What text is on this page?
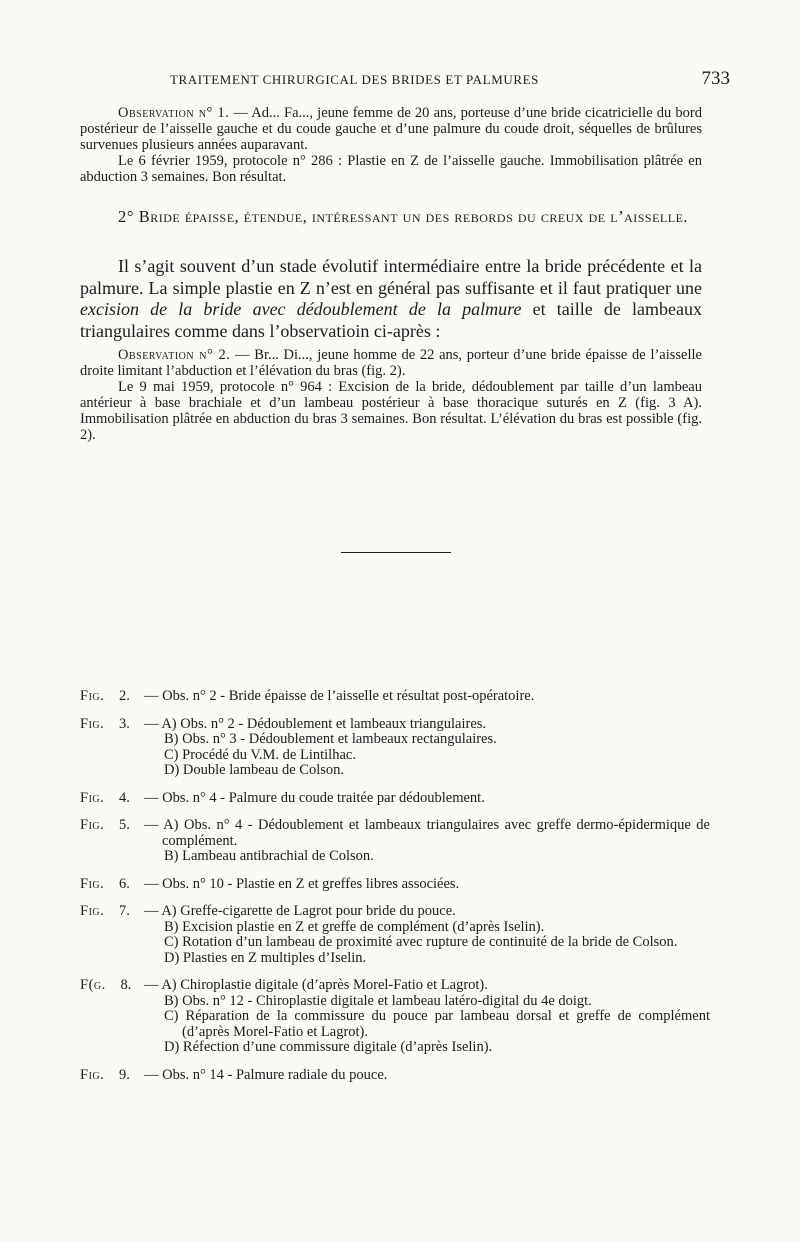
TRAITEMENT CHIRURGICAL DES BRIDES ET PALMURES	733

Observation n° 1. — Ad... Fa..., jeune femme de 20 ans, porteuse d’une bride cicatricielle du bord postérieur de l’aisselle gauche et du coude gauche et d’une palmure du coude droit, séquelles de brûlures survenues plusieurs années auparavant.

Le 6 février 1959, protocole n° 286 : Plastie en Z de l’aisselle gauche. Immobilisation plâtrée en abduction 3 semaines. Bon résultat.

2° Bride épaisse, étendue, intéressant un des rebords du creux de l’aisselle.

Il s’agit souvent d’un stade évolutif intermédiaire entre la bride précédente et la palmure. La simple plastie en Z n’est en général pas suffisante et il faut pratiquer une excision de la bride avec dédoublement de la palmure et taille de lambeaux triangulaires comme dans l’observatioin ci-après :

Observation n° 2. — Br... Di..., jeune homme de 22 ans, porteur d’une bride épaisse de l’aisselle droite limitant l’abduction et l’élévation du bras (fig. 2).

Le 9 mai 1959, protocole n° 964 : Excision de la bride, dédoublement par taille d’un lambeau antérieur à base brachiale et d’un lambeau postérieur à base thoracique suturés en Z (fig. 3 A). Immobilisation plâtrée en abduction du bras 3 semaines. Bon résultat. L’élévation du bras est possible (fig. 2).

Fig. 2. — Obs. n° 2 - Bride épaisse de l’aisselle et résultat post-opératoire.
Fig. 3. — A) Obs. n° 2 - Dédoublement et lambeaux triangulaires.
B) Obs. n° 3 - Dédoublement et lambeaux rectangulaires.
C) Procédé du V.M. de Lintilhac.
D) Double lambeau de Colson.
Fig. 4. — Obs. n° 4 - Palmure du coude traitée par dédoublement.
Fig. 5. — A) Obs. n° 4 - Dédoublement et lambeaux triangulaires avec greffe dermo-épidermique de complément.
B) Lambeau antibrachial de Colson.
Fig. 6. — Obs. n° 10 - Plastie en Z et greffes libres associées.
Fig. 7. — A) Greffe-cigarette de Lagrot pour bride du pouce.
B) Excision plastie en Z et greffe de complément (d’après Iselin).
C) Rotation d’un lambeau de proximité avec rupture de continuité de la bride de Colson.
D) Plasties en Z multiples d’Iselin.
F(g. 8. — A) Chiroplastie digitale (d’après Morel-Fatio et Lagrot).
B) Obs. n° 12 - Chiroplastie digitale et lambeau latéro-digital du 4e doigt.
C) Réparation de la commissure du pouce par lambeau dorsal et greffe de complément (d’après Morel-Fatio et Lagrot).
D) Réfection d’une commissure digitale (d’après Iselin).
Fig. 9. — Obs. n° 14 - Palmure radiale du pouce.
